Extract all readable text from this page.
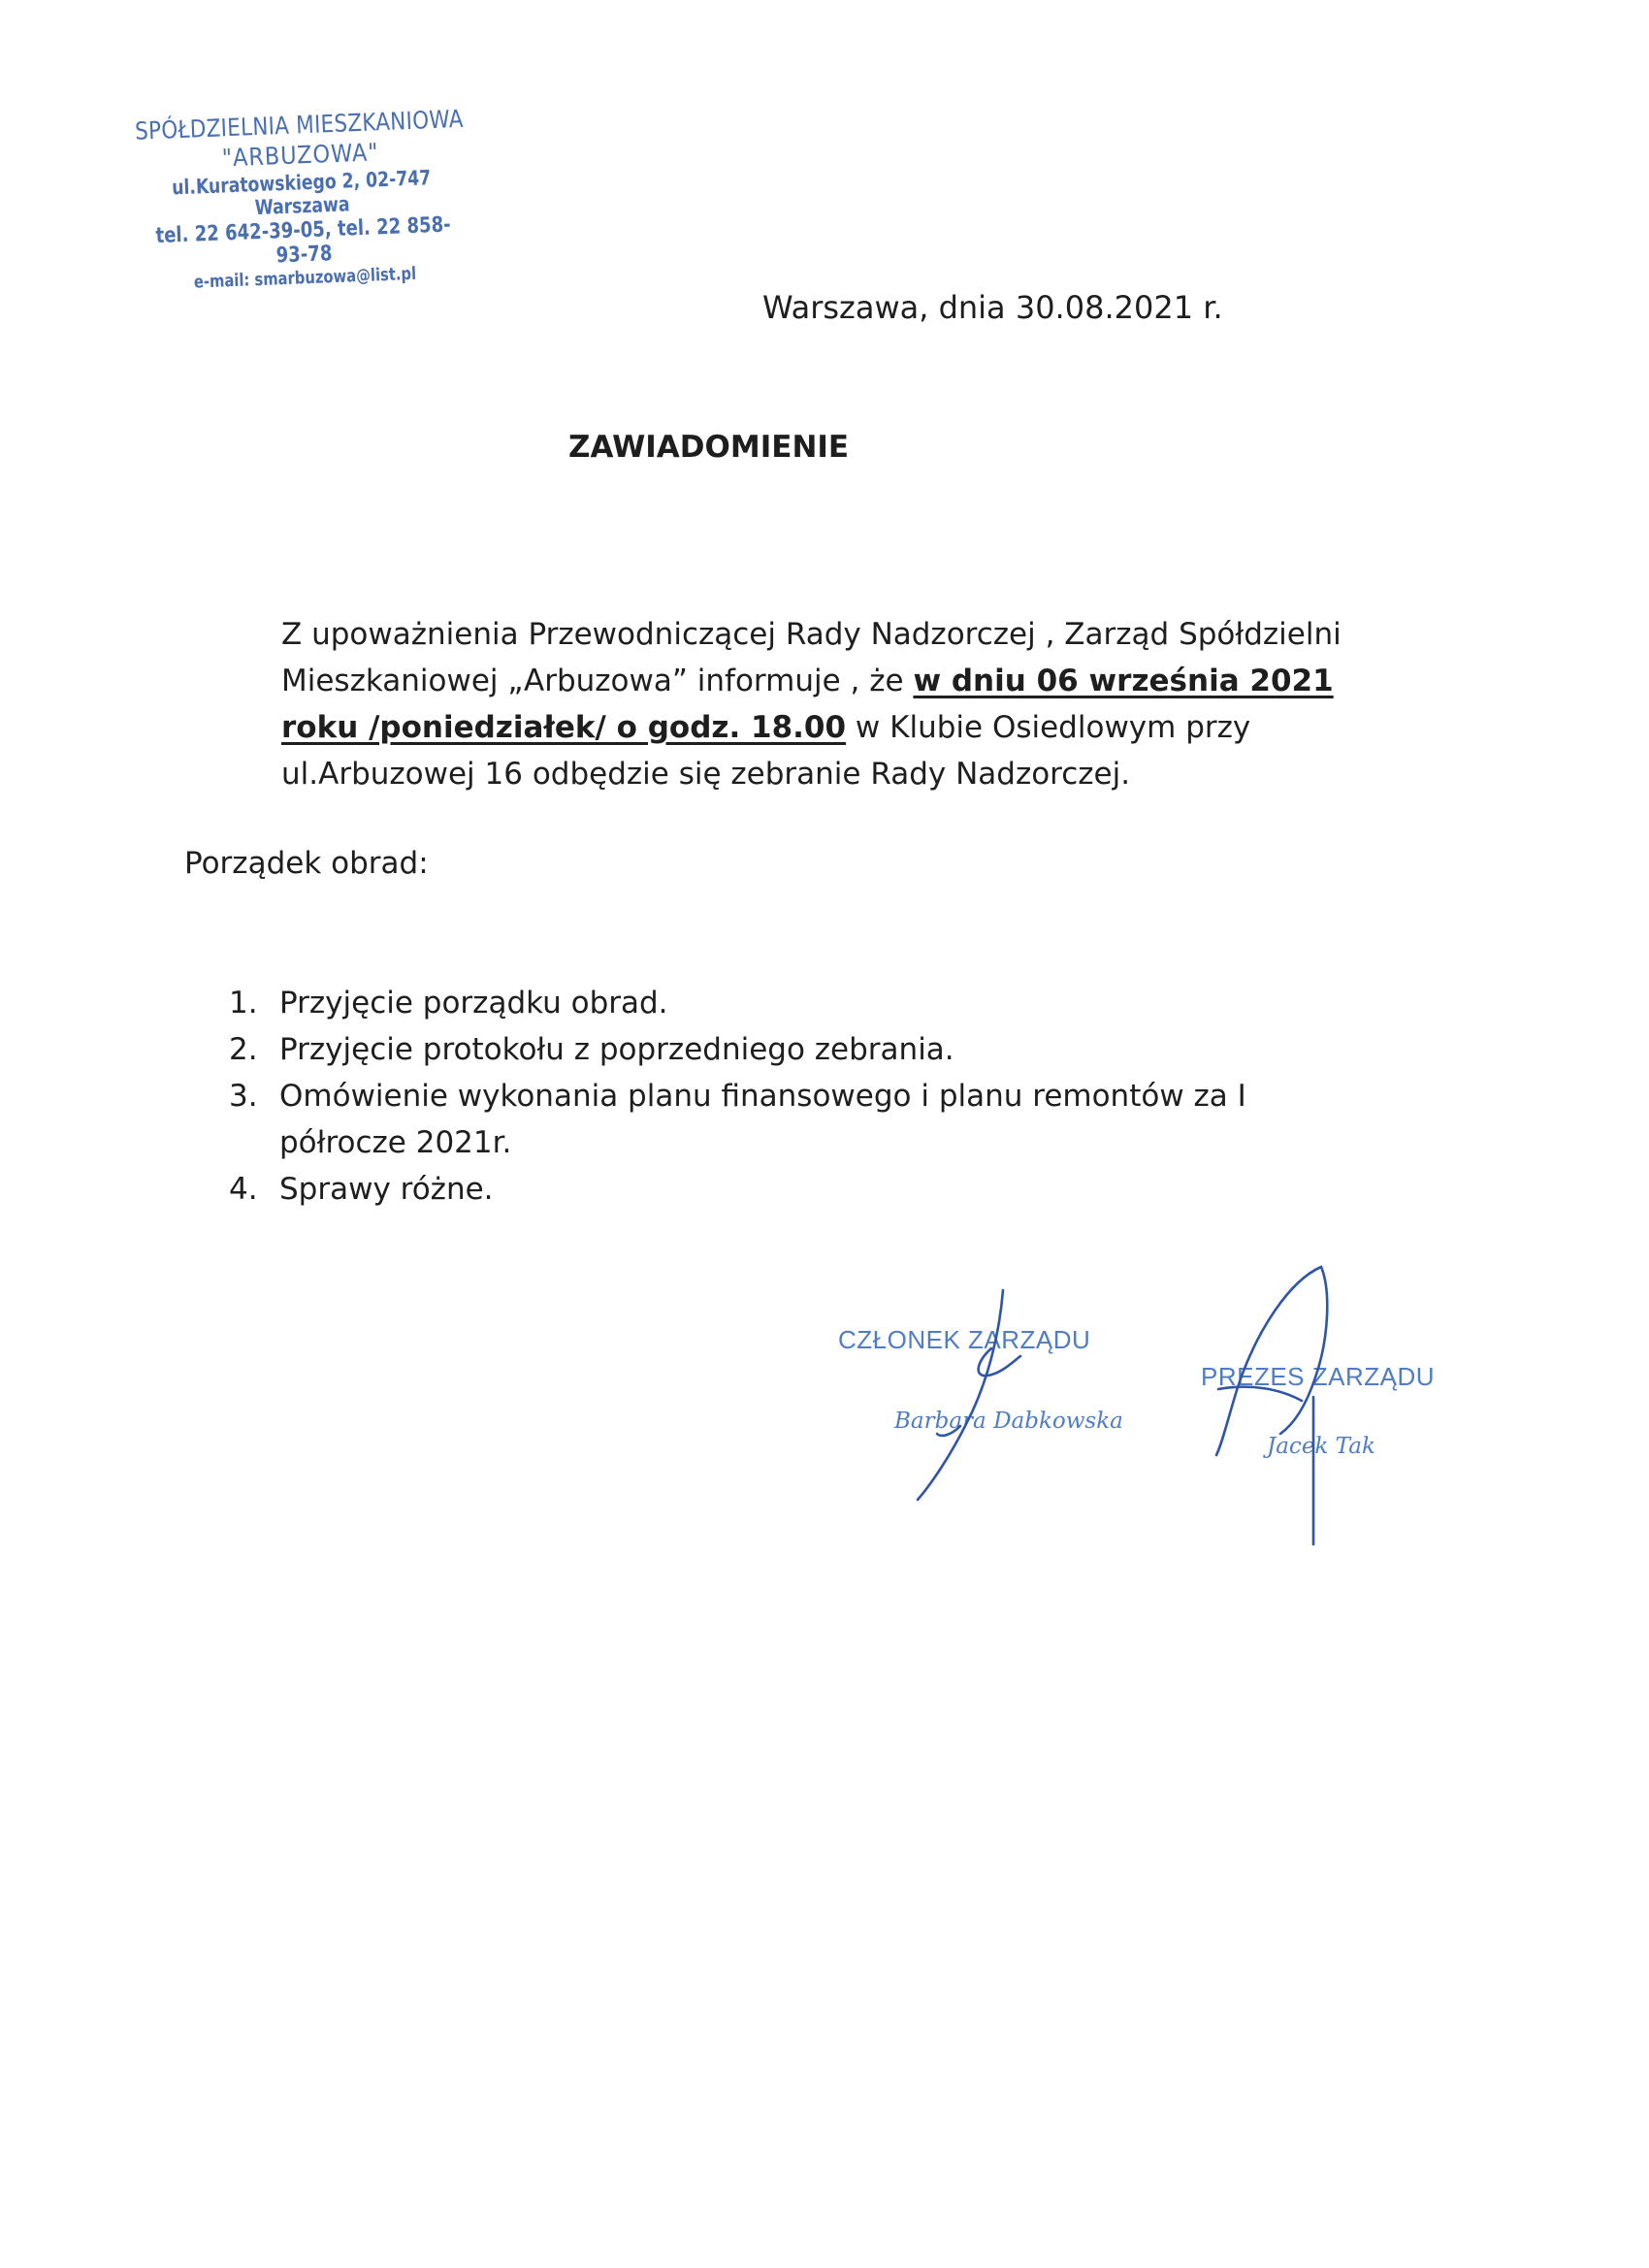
SPÓŁDZIELNIA MIESZKANIOWA
"ARBUZOWA"
ul.Kuratowskiego 2, 02-747 Warszawa
tel. 22 642-39-05, tel. 22 858-93-78
e-mail: smarbuzowa@list.pl
Warszawa, dnia 30.08.2021 r.
ZAWIADOMIENIE

Z upoważnienia Przewodniczącej Rady Nadzorczej , Zarząd Spółdzielni Mieszkaniowej „Arbuzowa” informuje , że w dniu 06 września 2021 roku /poniedziałek/ o godz. 18.00 w Klubie Osiedlowym przy ul.Arbuzowej 16 odbędzie się zebranie Rady Nadzorczej.

Porządek obrad:
1. Przyjęcie porządku obrad.
2. Przyjęcie protokołu z poprzedniego zebrania.
3. Omówienie wykonania planu finansowego i planu remontów za I półrocze 2021r.
4. Sprawy różne.
CZŁONEK ZARZĄDU
Barbara Dabkowska
PREZES ZARZĄDU
Jacek Tak
